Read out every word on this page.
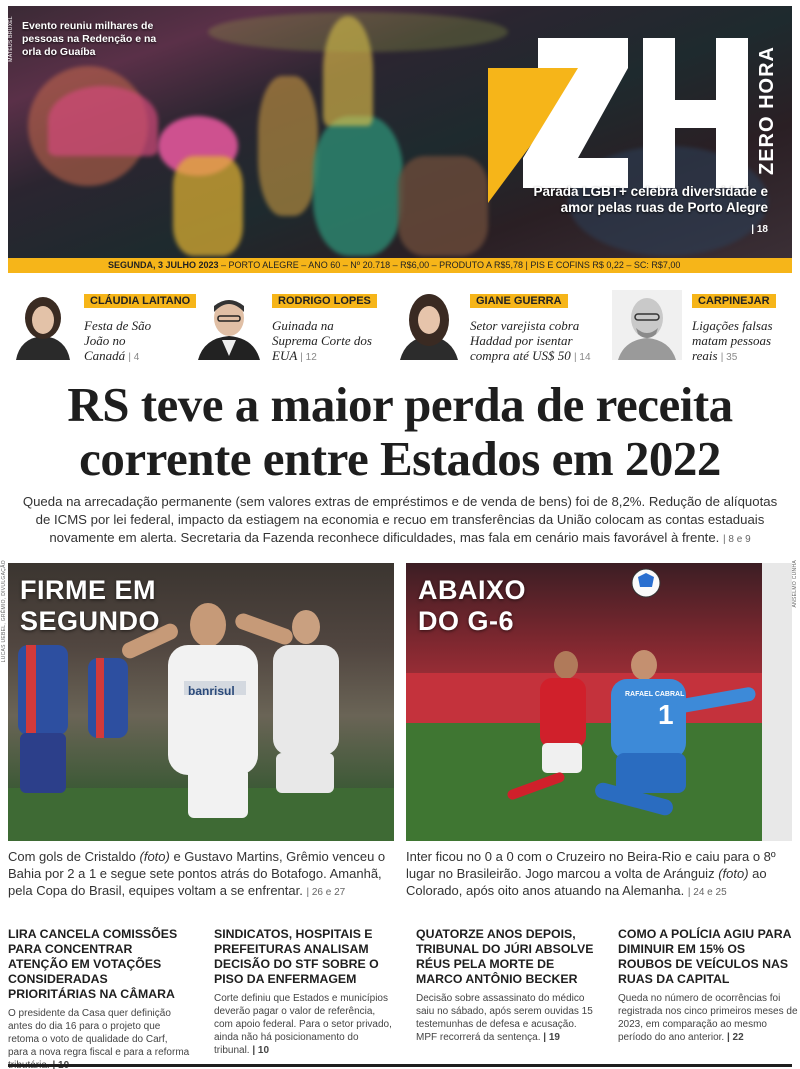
MATEUS BRUXEL Evento reuniu milhares de pessoas na Redenção e na orla do Guaíba	ZERO HORA
Parada LGBT+ celebra diversidade e amor pelas ruas de Porto Alegre
| 18
SEGUNDA, 3 JULHO 2023 – PORTO ALEGRE – ANO 60 – Nº 20.718 – R$6,00 – PRODUTO A R$5,78 | PIS E COFINS R$ 0,22 – SC: R$7,00
CLÁUDIA LAITANO
Festa de São João no Canadá | 4
RODRIGO LOPES
Guinada na Suprema Corte dos EUA | 12
GIANE GUERRA
Setor varejista cobra Haddad por isentar compra até US$ 50 | 14
CARPINEJAR
Ligações falsas matam pessoas reais | 35
RS teve a maior perda de receita
corrente entre Estados em 2022
Queda na arrecadação permanente (sem valores extras de empréstimos e de venda de bens) foi de 8,2%. Redução de alíquotas de ICMS por lei federal, impacto da estiagem na economia e recuo em transferências da União colocam as contas estaduais novamente em alerta. Secretaria da Fazenda reconhece dificuldades, mas fala em cenário mais favorável à frente. | 8 e 9
LUCAS UEBEL, GRÊMIO, DIVULGAÇÃO FIRME EM
SEGUNDO
banrisul
ABAIXO
DO G-6
RAFAEL CABRAL
1
ANSELMO CUNHA
Com gols de Cristaldo (foto) e Gustavo Martins, Grêmio venceu o Bahia por 2 a 1 e segue sete pontos atrás do Botafogo. Amanhã, pela Copa do Brasil, equipes voltam a se enfrentar. | 26 e 27
Inter ficou no 0 a 0 com o Cruzeiro no Beira-Rio e caiu para o 8º lugar no Brasileirão. Jogo marcou a volta de Aránguiz (foto) ao Colorado, após oito anos atuando na Alemanha. | 24 e 25
LIRA CANCELA COMISSÕES PARA CONCENTRAR ATENÇÃO EM VOTAÇÕES CONSIDERADAS PRIORITÁRIAS NA CÂMARA
O presidente da Casa quer definição antes do dia 16 para o projeto que retoma o voto de qualidade do Carf, para a nova regra fiscal e para a reforma
SINDICATOS, HOSPITAIS E PREFEITURAS ANALISAM DECISÃO DO STF SOBRE O PISO DA ENFERMAGEM
Corte definiu que Estados e municípios deverão pagar o valor de referência, com apoio federal. Para o setor privado, ainda não há posicionamento do tribunal. | 10
QUATORZE ANOS DEPOIS, TRIBUNAL DO JÚRI ABSOLVE RÉUS PELA MORTE DE MARCO ANTÔNIO BECKER
Decisão sobre assassinato do médico saiu no sábado, após serem ouvidas 15 testemunhas de defesa e acusação. MPF recorrerá da sentença. | 19
COMO A POLÍCIA AGIU PARA DIMINUIR EM 15% OS ROUBOS DE VEÍCULOS NAS RUAS DA CAPITAL
Queda no número de ocorrências foi registrada nos cinco primeiros meses de 2023, em comparação ao mesmo período do ano anterior. | 22
